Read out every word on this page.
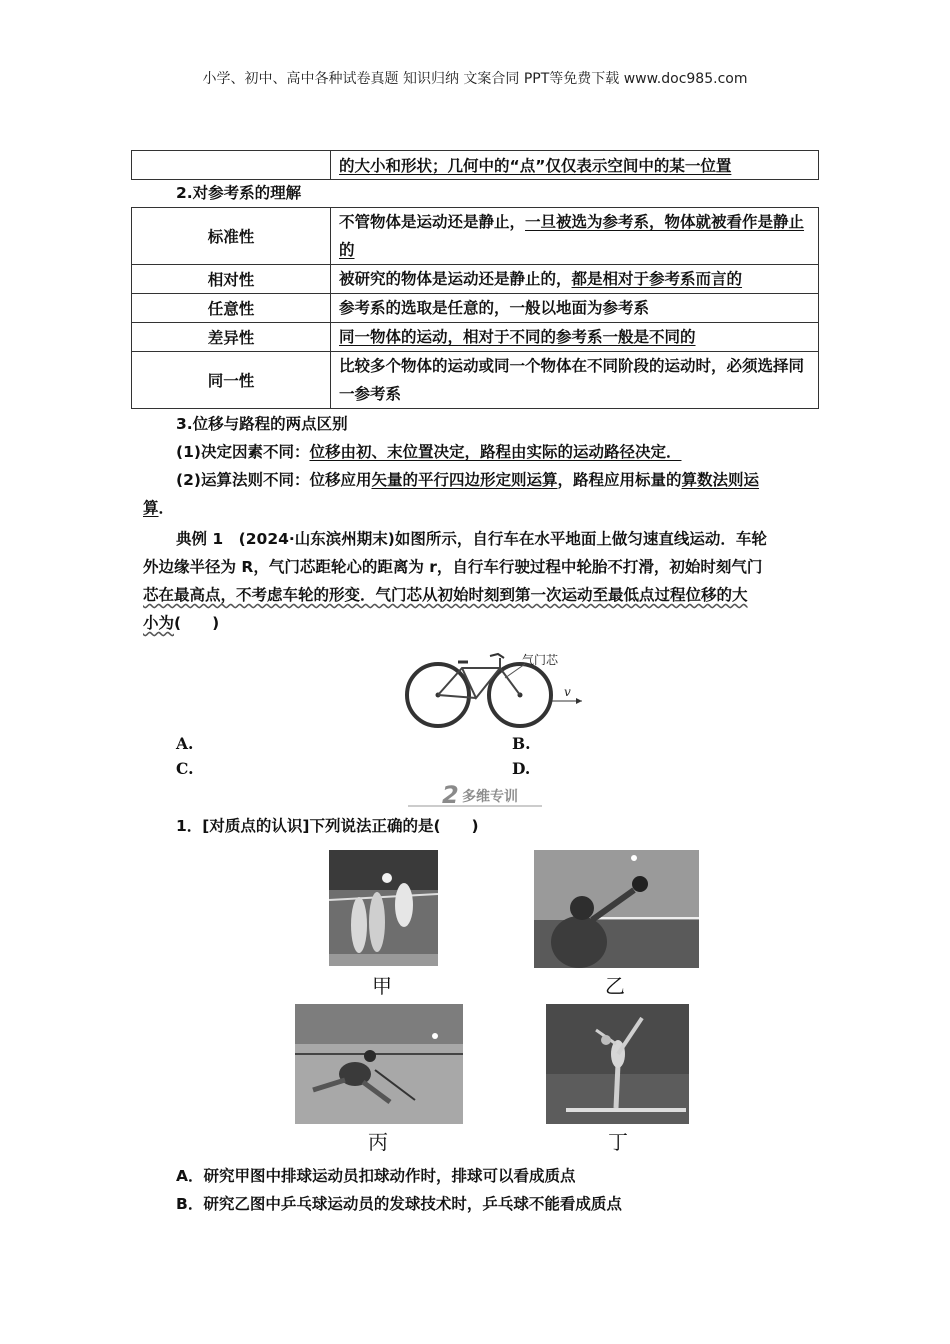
小学、初中、高中各种试卷真题 知识归纳 文案合同 PPT等免费下载 www.doc985.com
	的大小和形状；几何中的“点”仅仅表示空间中的某一位置
2.对参考系的理解
标准性	不管物体是运动还是静止，一旦被选为参考系，物体就被看作是静止的
相对性	被研究的物体是运动还是静止的，都是相对于参考系而言的
任意性	参考系的选取是任意的，一般以地面为参考系
差异性	同一物体的运动，相对于不同的参考系一般是不同的
同一性	比较多个物体的运动或同一个物体在不同阶段的运动时，必须选择同一参考系
3.位移与路程的两点区别
(1)决定因素不同：位移由初、末位置决定，路程由实际的运动路径决定．
(2)运算法则不同：位移应用矢量的平行四边形定则运算，路程应用标量的算数法则运
算．
典例 1　(2024·山东滨州期末)如图所示，自行车在水平地面上做匀速直线运动．车轮
外边缘半径为 R，气门芯距轮心的距离为 r，自行车行驶过程中轮胎不打滑，初始时刻气门
芯在最高点，不考虑车轮的形变．气门芯从初始时刻到第一次运动至最低点过程位移的大
小为(　　)
气门芯
v
A.	B.
C.	D.
2 多维专训
1．[对质点的认识]下列说法正确的是(　　)
甲	乙
丙	丁
A．研究甲图中排球运动员扣球动作时，排球可以看成质点
B．研究乙图中乒乓球运动员的发球技术时，乒乓球不能看成质点
